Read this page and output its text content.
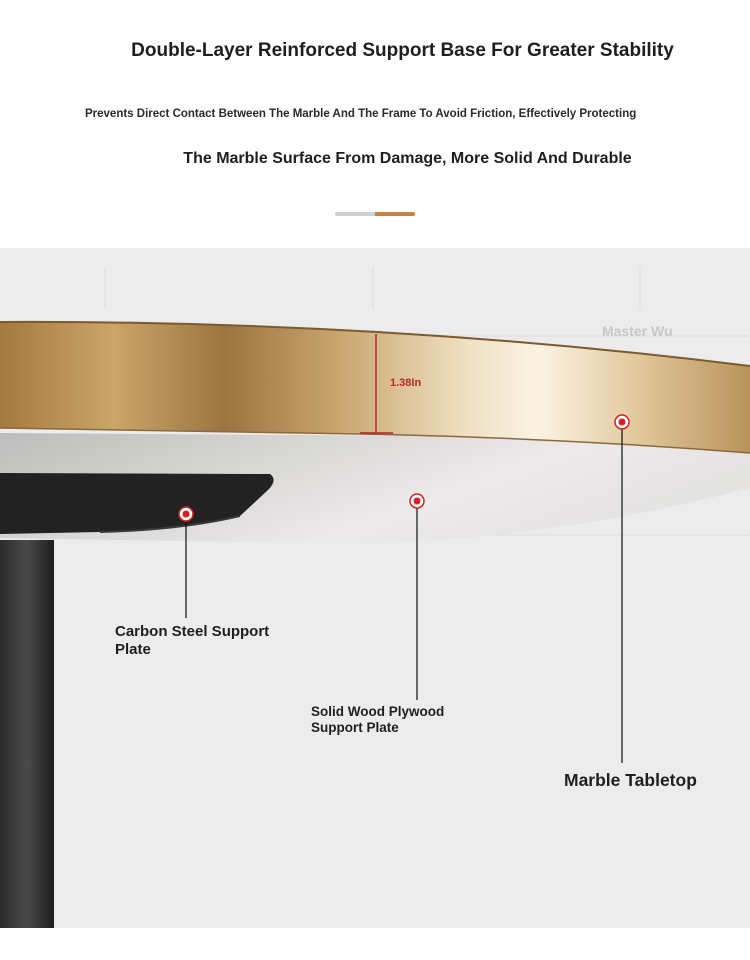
Double-Layer Reinforced Support Base For Greater Stability
Prevents Direct Contact Between The Marble And The Frame To Avoid Friction, Effectively Protecting
The Marble Surface From Damage, More Solid And Durable
Master Wu
1.38In
Carbon Steel Support Plate
Solid Wood Plywood Support Plate
Marble Tabletop
